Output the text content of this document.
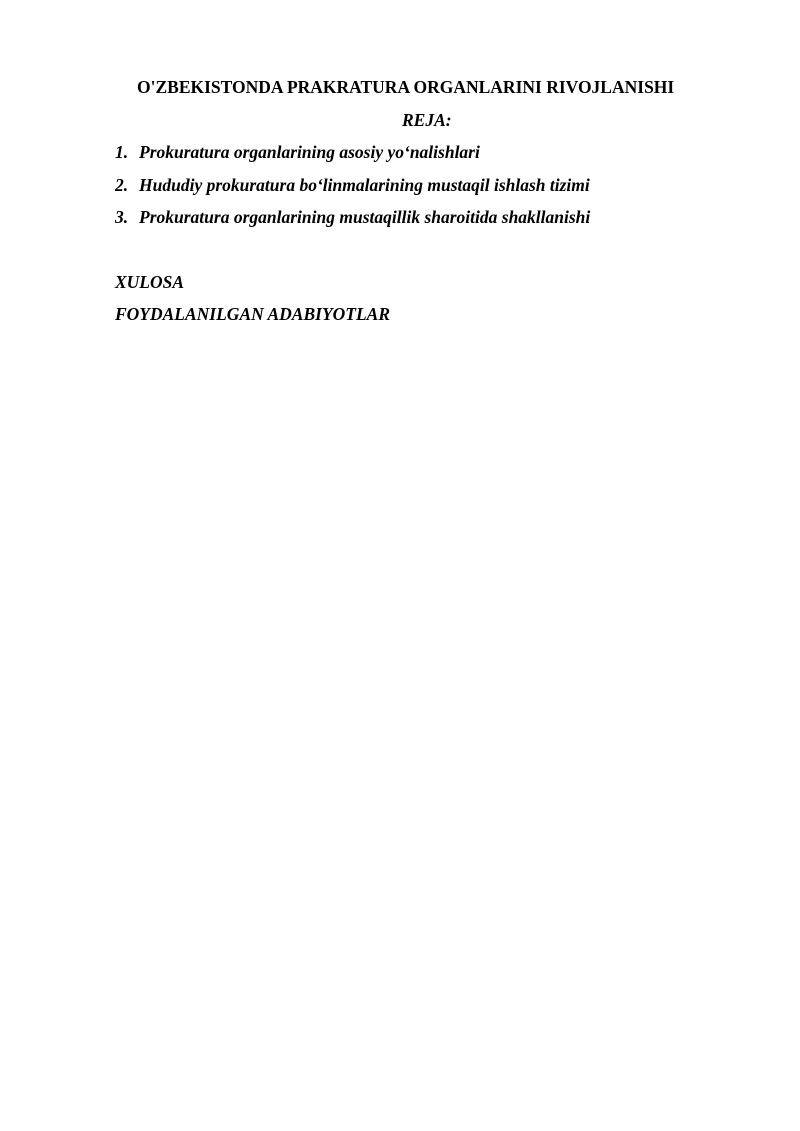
O'ZBEKISTONDA PRAKRATURA ORGANLARINI RIVOJLANISHI
REJA:
1. Prokuratura organlarining asosiy yo‘nalishlari
2. Hududiy prokuratura bo‘linmalarining mustaqil ishlash tizimi
3. Prokuratura organlarining mustaqillik sharoitida shakllanishi
XULOSA
FOYDALANILGAN ADABIYOTLAR
